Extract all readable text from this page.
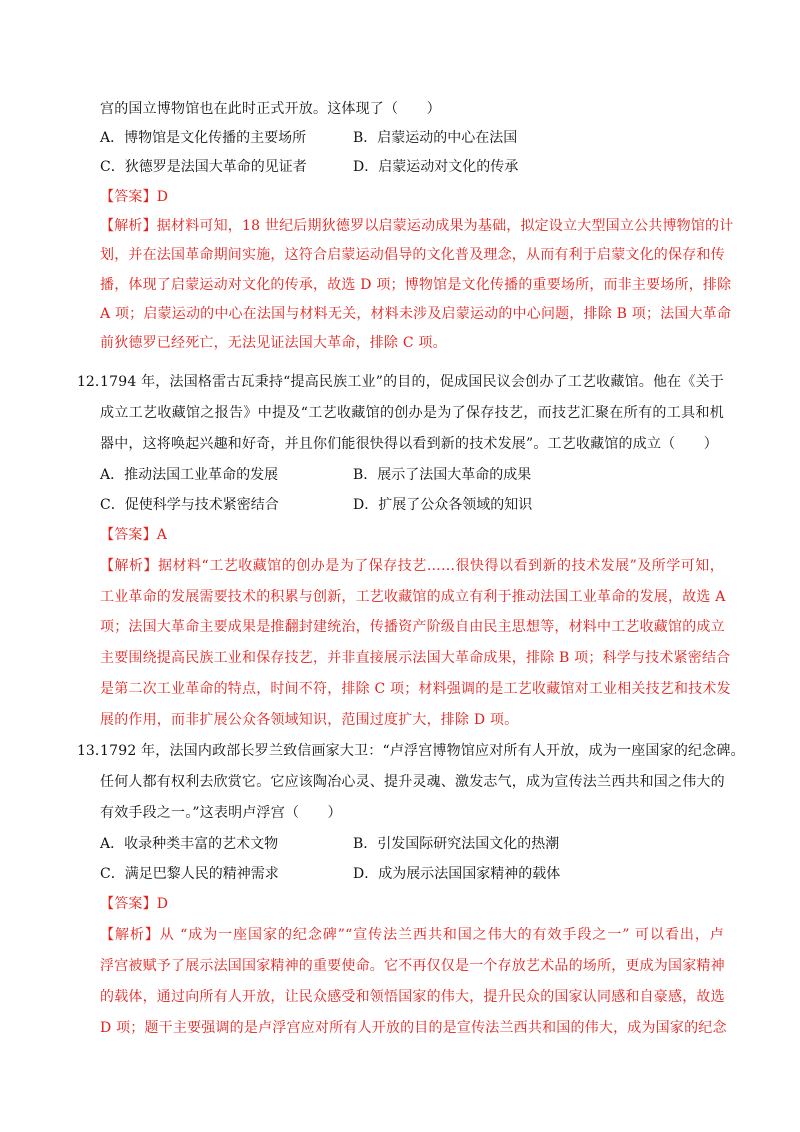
宫的国立博物馆也在此时正式开放。这体现了（　　）
A．博物馆是文化传播的主要场所	B．启蒙运动的中心在法国
C．狄德罗是法国大革命的见证者	D．启蒙运动对文化的传承
【答案】D
【解析】据材料可知，18 世纪后期狄德罗以启蒙运动成果为基础，拟定设立大型国立公共博物馆的计
划，并在法国革命期间实施，这符合启蒙运动倡导的文化普及理念，从而有利于启蒙文化的保存和传
播，体现了启蒙运动对文化的传承，故选 D 项；博物馆是文化传播的重要场所，而非主要场所，排除
A 项；启蒙运动的中心在法国与材料无关，材料未涉及启蒙运动的中心问题，排除 B 项；法国大革命
前狄德罗已经死亡，无法见证法国大革命，排除 C 项。
12．
1794 年，法国格雷古瓦秉持“提高民族工业”的目的，促成国民议会创办了工艺收藏馆。他在《关于
成立工艺收藏馆之报告》中提及“工艺收藏馆的创办是为了保存技艺，而技艺汇聚在所有的工具和机
器中，这将唤起兴趣和好奇，并且你们能很快得以看到新的技术发展”。工艺收藏馆的成立（　　）
A．推动法国工业革命的发展	B．展示了法国大革命的成果
C．促使科学与技术紧密结合	D．扩展了公众各领域的知识
【答案】A
【解析】据材料“工艺收藏馆的创办是为了保存技艺……很快得以看到新的技术发展”及所学可知，
工业革命的发展需要技术的积累与创新，工艺收藏馆的成立有利于推动法国工业革命的发展，故选 A
项；法国大革命主要成果是推翻封建统治，传播资产阶级自由民主思想等，材料中工艺收藏馆的成立
主要围绕提高民族工业和保存技艺，并非直接展示法国大革命成果，排除 B 项；科学与技术紧密结合
是第二次工业革命的特点，时间不符，排除 C 项；材料强调的是工艺收藏馆对工业相关技艺和技术发
展的作用，而非扩展公众各领域知识，范围过度扩大，排除 D 项。
13．
1792 年，法国内政部长罗兰致信画家大卫：“卢浮宫博物馆应对所有人开放，成为一座国家的纪念碑。
任何人都有权利去欣赏它。它应该陶冶心灵、提升灵魂、激发志气，成为宣传法兰西共和国之伟大的
有效手段之一。”这表明卢浮宫（　　）
A．收录种类丰富的艺术文物	B．引发国际研究法国文化的热潮
C．满足巴黎人民的精神需求	D．成为展示法国国家精神的载体
【答案】D
【解析】从 “成为一座国家的纪念碑”“宣传法兰西共和国之伟大的有效手段之一” 可以看出，卢
浮宫被赋予了展示法国国家精神的重要使命。它不再仅仅是一个存放艺术品的场所，更成为国家精神
的载体，通过向所有人开放，让民众感受和领悟国家的伟大，提升民众的国家认同感和自豪感，故选
D 项；题干主要强调的是卢浮宫应对所有人开放的目的是宣传法兰西共和国的伟大，成为国家的纪念
